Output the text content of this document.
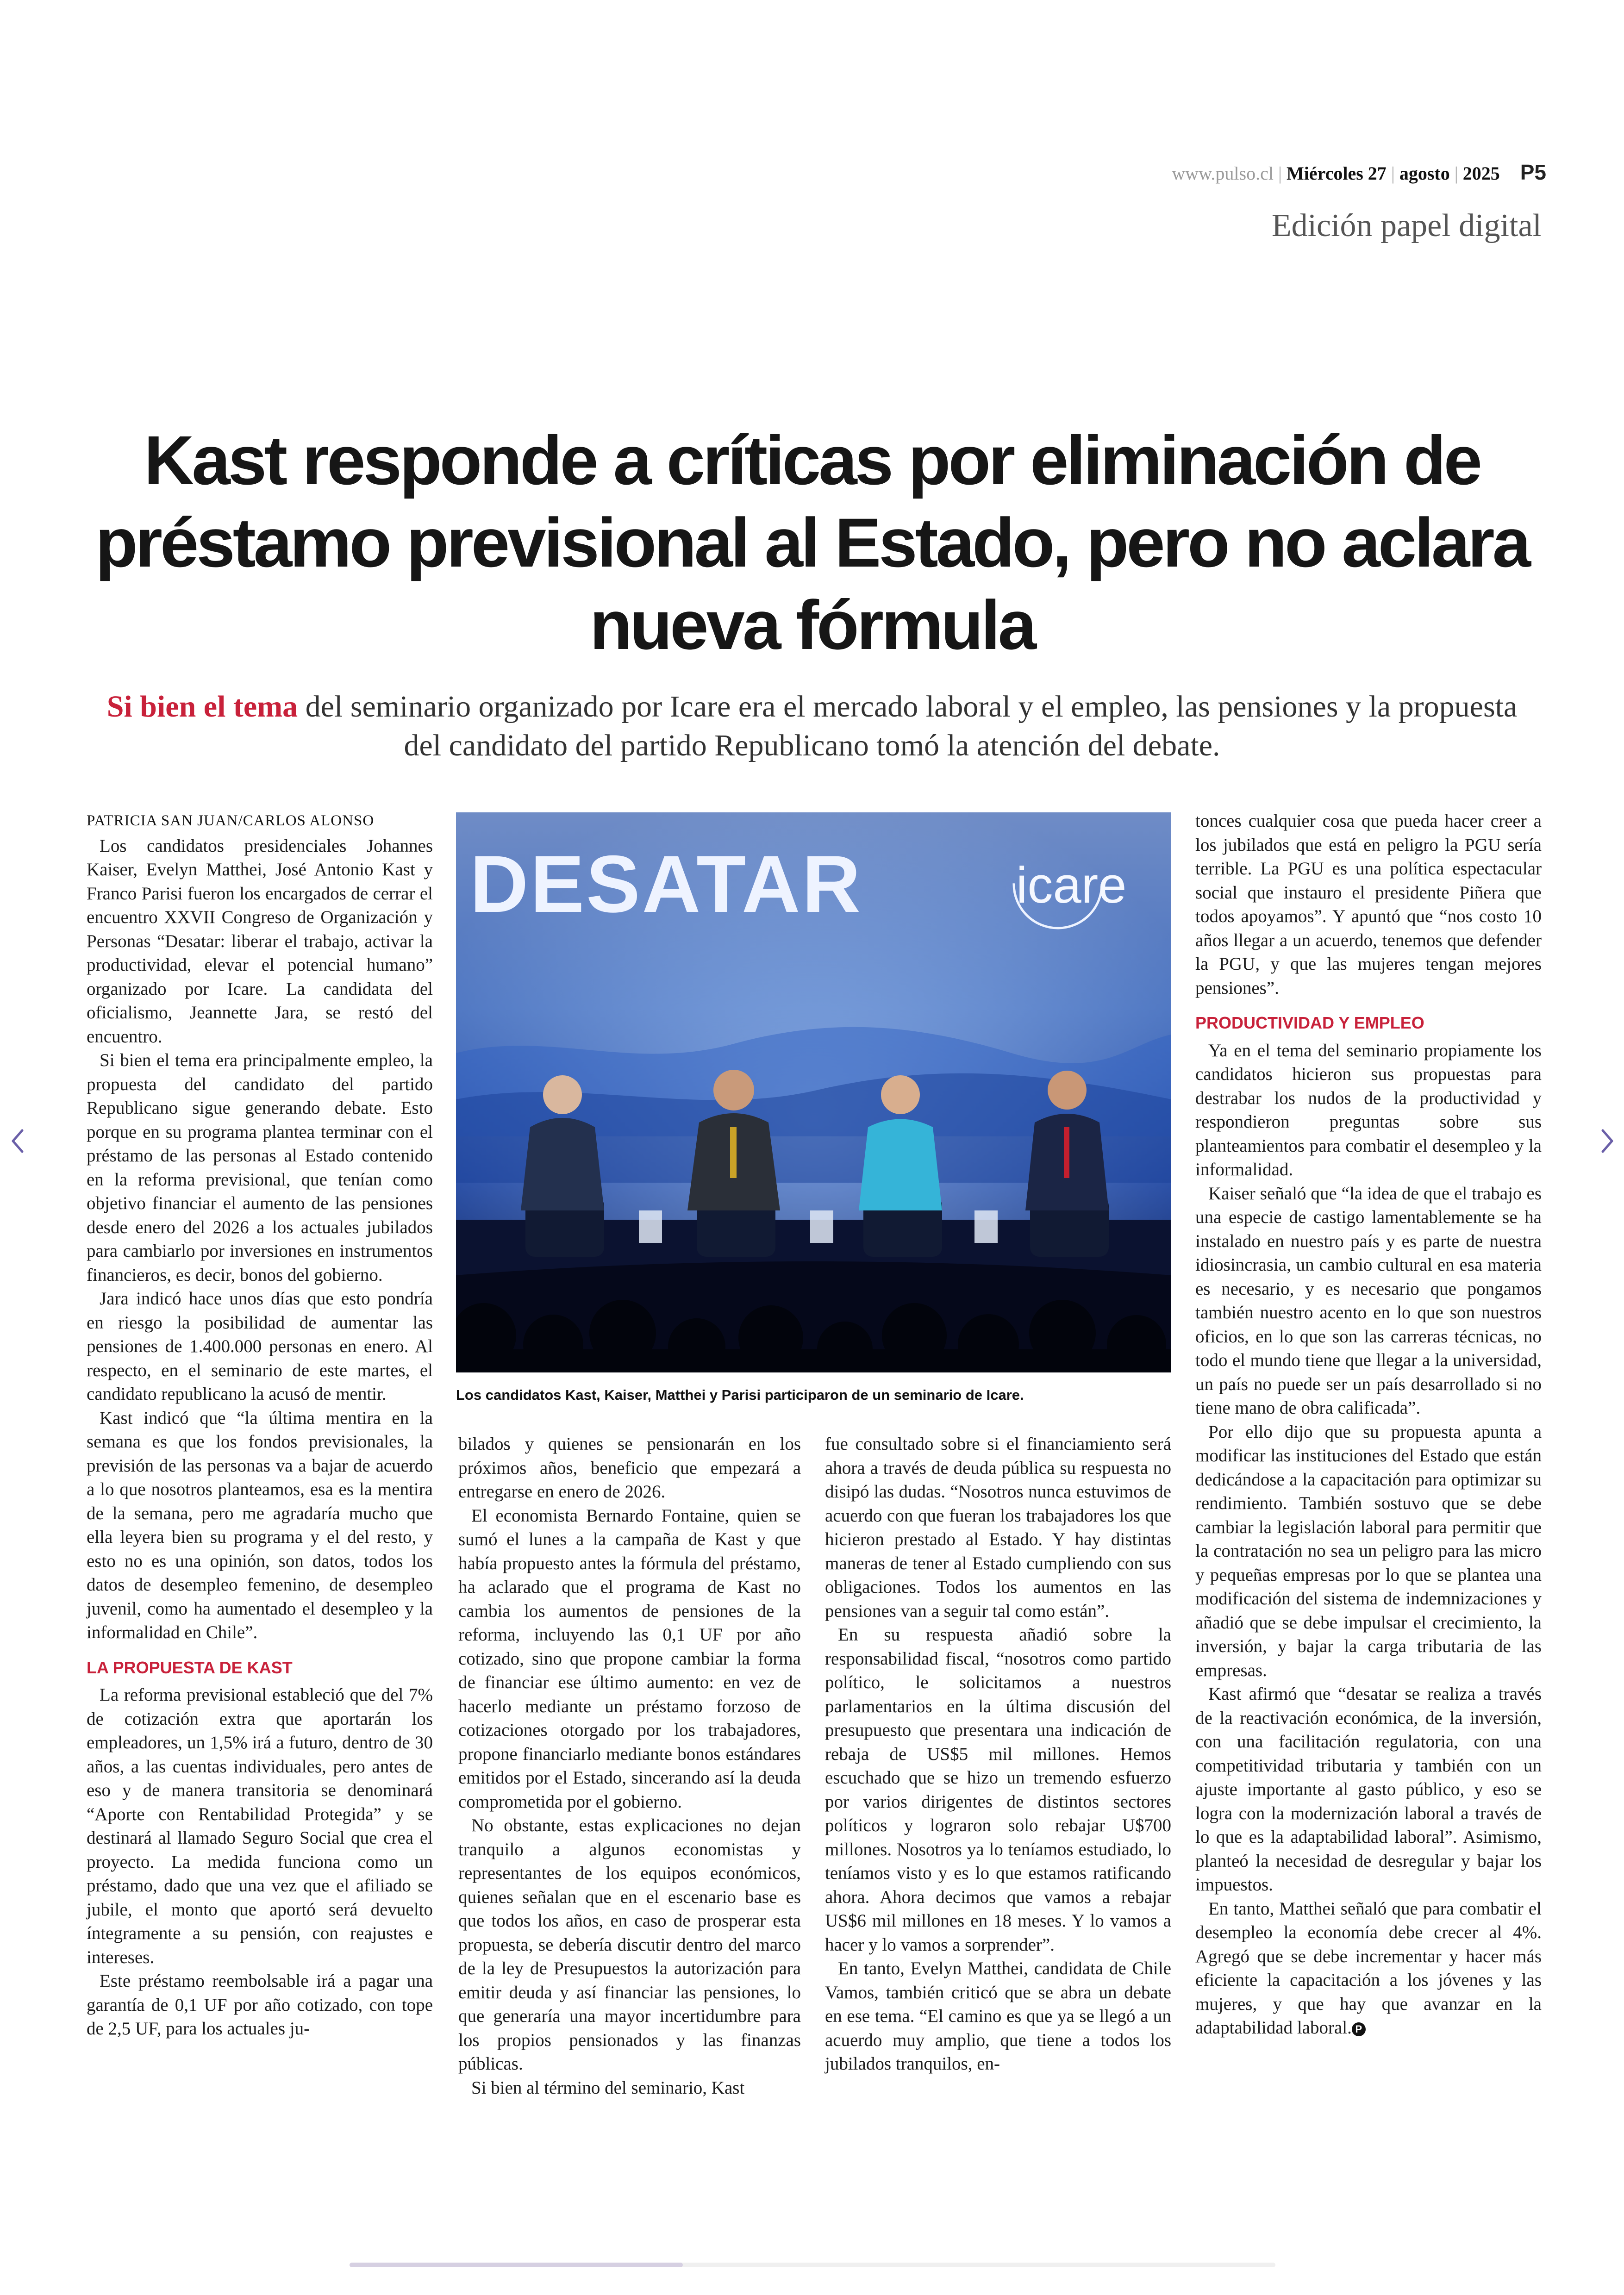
www.pulso.cl | Miércoles 27 | agosto | 2025 P5
Edición papel digital
Kast responde a críticas por eliminación de préstamo previsional al Estado, pero no aclara nueva fórmula
Si bien el tema del seminario organizado por Icare era el mercado laboral y el empleo, las pensiones y la propuesta del candidato del partido Republicano tomó la atención del debate.

PATRICIA SAN JUAN/CARLOS ALONSO

Los candidatos presidenciales Johannes Kaiser, Evelyn Matthei, José Antonio Kast y Franco Parisi fueron los encargados de cerrar el encuentro XXVII Congreso de Organización y Personas “Desatar: liberar el trabajo, activar la productividad, elevar el potencial humano” organizado por Icare. La candidata del oficialismo, Jeannette Jara, se restó del encuentro.

Si bien el tema era principalmente empleo, la propuesta del candidato del partido Republicano sigue generando debate. Esto porque en su programa plantea terminar con el préstamo de las personas al Estado contenido en la reforma previsional, que tenían como objetivo financiar el aumento de las pensiones desde enero del 2026 a los actuales jubilados para cambiarlo por inversiones en instrumentos financieros, es decir, bonos del gobierno.

Jara indicó hace unos días que esto pondría en riesgo la posibilidad de aumentar las pensiones de 1.400.000 personas en enero. Al respecto, en el seminario de este martes, el candidato republicano la acusó de mentir.

Kast indicó que “la última mentira en la semana es que los fondos previsionales, la previsión de las personas va a bajar de acuerdo a lo que nosotros planteamos, esa es la mentira de la semana, pero me agradaría mucho que ella leyera bien su programa y el del resto, y esto no es una opinión, son datos, todos los datos de desempleo femenino, de desempleo juvenil, como ha aumentado el desempleo y la informalidad en Chile”.

LA PROPUESTA DE KAST

La reforma previsional estableció que del 7% de cotización extra que aportarán los empleadores, un 1,5% irá a futuro, dentro de 30 años, a las cuentas individuales, pero antes de eso y de manera transitoria se denominará “Aporte con Rentabilidad Protegida” y se destinará al llamado Seguro Social que crea el proyecto. La medida funciona como un préstamo, dado que una vez que el afiliado se jubile, el monto que aportó será devuelto íntegramente a su pensión, con reajustes e intereses.

Este préstamo reembolsable irá a pagar una garantía de 0,1 UF por año cotizado, con tope de 2,5 UF, para los actuales ju-

DESATAR	icare
Los candidatos Kast, Kaiser, Matthei y Parisi participaron de un seminario de Icare.

bilados y quienes se pensionarán en los próximos años, beneficio que empezará a entregarse en enero de 2026.

El economista Bernardo Fontaine, quien se sumó el lunes a la campaña de Kast y que había propuesto antes la fórmula del préstamo, ha aclarado que el programa de Kast no cambia los aumentos de pensiones de la reforma, incluyendo las 0,1 UF por año cotizado, sino que propone cambiar la forma de financiar ese último aumento: en vez de hacerlo mediante un préstamo forzoso de cotizaciones otorgado por los trabajadores, propone financiarlo mediante bonos estándares emitidos por el Estado, sincerando así la deuda comprometida por el gobierno.

No obstante, estas explicaciones no dejan tranquilo a algunos economistas y representantes de los equipos económicos, quienes señalan que en el escenario base es que todos los años, en caso de prosperar esta propuesta, se debería discutir dentro del marco de la ley de Presupuestos la autorización para emitir deuda y así financiar las pensiones, lo que generaría una mayor incertidumbre para los propios pensionados y las finanzas públicas.

Si bien al término del seminario, Kast

fue consultado sobre si el financiamiento será ahora a través de deuda pública su respuesta no disipó las dudas. “Nosotros nunca estuvimos de acuerdo con que fueran los trabajadores los que hicieron prestado al Estado. Y hay distintas maneras de tener al Estado cumpliendo con sus obligaciones. Todos los aumentos en las pensiones van a seguir tal como están”.

En su respuesta añadió sobre la responsabilidad fiscal, “nosotros como partido político, le solicitamos a nuestros parlamentarios en la última discusión del presupuesto que presentara una indicación de rebaja de US$5 mil millones. Hemos escuchado que se hizo un tremendo esfuerzo por varios dirigentes de distintos sectores políticos y lograron solo rebajar U$700 millones. Nosotros ya lo teníamos estudiado, lo teníamos visto y es lo que estamos ratificando ahora. Ahora decimos que vamos a rebajar US$6 mil millones en 18 meses. Y lo vamos a hacer y lo vamos a sorprender”.

En tanto, Evelyn Matthei, candidata de Chile Vamos, también criticó que se abra un debate en ese tema. “El camino es que ya se llegó a un acuerdo muy amplio, que tiene a todos los jubilados tranquilos, en-

tonces cualquier cosa que pueda hacer creer a los jubilados que está en peligro la PGU sería terrible. La PGU es una política espectacular social que instauro el presidente Piñera que todos apoyamos”. Y apuntó que “nos costo 10 años llegar a un acuerdo, tenemos que defender la PGU, y que las mujeres tengan mejores pensiones”.

PRODUCTIVIDAD Y EMPLEO

Ya en el tema del seminario propiamente los candidatos hicieron sus propuestas para destrabar los nudos de la productividad y respondieron preguntas sobre sus planteamientos para combatir el desempleo y la informalidad.

Kaiser señaló que “la idea de que el trabajo es una especie de castigo lamentablemente se ha instalado en nuestro país y es parte de nuestra idiosincrasia, un cambio cultural en esa materia es necesario, y es necesario que pongamos también nuestro acento en lo que son nuestros oficios, en lo que son las carreras técnicas, no todo el mundo tiene que llegar a la universidad, un país no puede ser un país desarrollado si no tiene mano de obra calificada”.

Por ello dijo que su propuesta apunta a modificar las instituciones del Estado que están dedicándose a la capacitación para optimizar su rendimiento. También sostuvo que se debe cambiar la legislación laboral para permitir que la contratación no sea un peligro para las micro y pequeñas empresas por lo que se plantea una modificación del sistema de indemnizaciones y añadió que se debe impulsar el crecimiento, la inversión, y bajar la carga tributaria de las empresas.

Kast afirmó que “desatar se realiza a través de la reactivación económica, de la inversión, con una facilitación regulatoria, con una competitividad tributaria y también con un ajuste importante al gasto público, y eso se logra con la modernización laboral a través de lo que es la adaptabilidad laboral”. Asimismo, planteó la necesidad de desregular y bajar los impuestos.

En tanto, Matthei señaló que para combatir el desempleo la economía debe crecer al 4%. Agregó que se debe incrementar y hacer más eficiente la capacitación a los jóvenes y las mujeres, y que hay que avanzar en la adaptabilidad laboral. P
